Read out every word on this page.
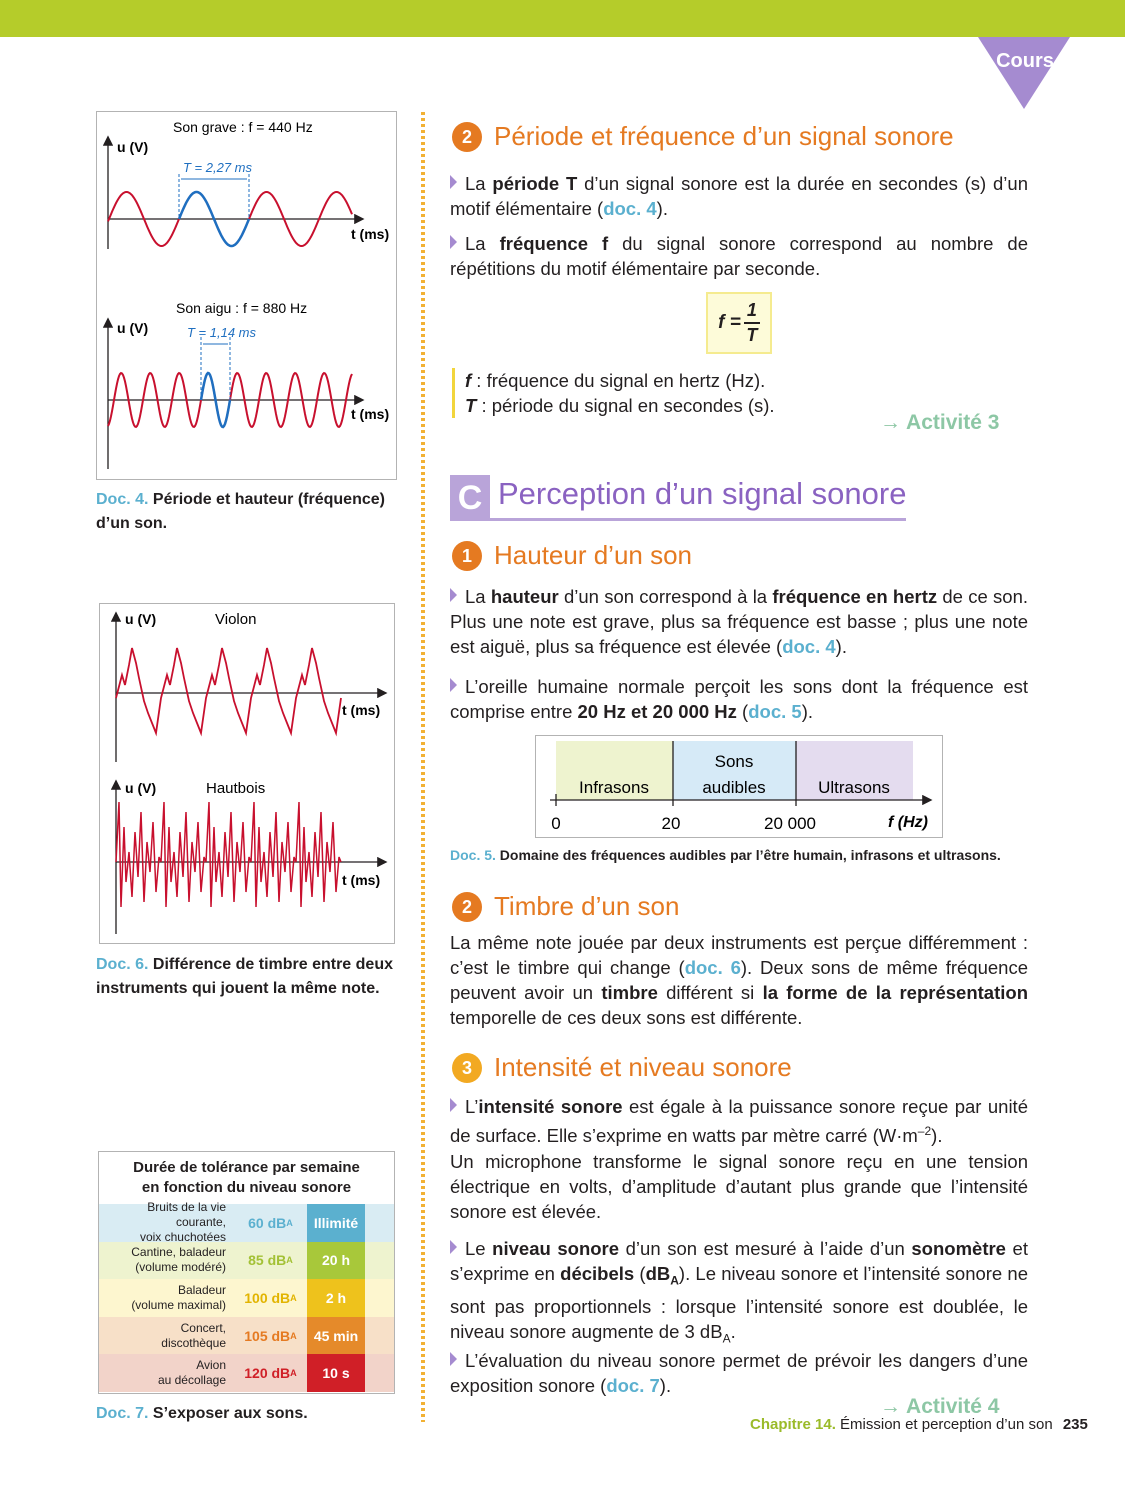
Cours
Son grave : f = 440 Hz
u (V)
t (ms)
T = 2,27 ms
Son aigu : f = 880 Hz
u (V)
t (ms)
T = 1,14 ms
Doc. 4. Période et hauteur (fréquence)
d’un son.
u (V)	Violon
t (ms)
u (V)	Hautbois
t (ms)
Doc. 6. Différence de timbre entre deux
instruments qui jouent la même note.
Durée de tolérance par semaine
en fonction du niveau sonore
Bruits de la vie courante,
voix chuchotées
60 dB A Illimité
Cantine, baladeur
(volume modéré) 85 dB A 20 h
Baladeur
(volume maximal) 100 dB A 2 h
Concert,
discothèque 105 dB A 45 min
Avion
au décollage 120 dB A 10 s
Doc. 7. S’exposer aux sons.
2 Période et fréquence d’un signal sonore
La période T d’un signal sonore est la durée en secondes (s) d’un motif élémentaire (doc. 4).
La fréquence f du signal sonore correspond au nombre de répétitions du motif élémentaire par seconde.
$f = \frac{1}{T}$
f : fréquence du signal en hertz (Hz).
T : période du signal en secondes (s).
→ Activité 3
C Perception d’un signal sonore
1 Hauteur d’un son
La hauteur d’un son correspond à la fréquence en hertz de ce son. Plus une note est grave, plus sa fréquence est basse ; plus une note est aiguë, plus sa fréquence est élevée (doc. 4).
L’oreille humaine normale perçoit les sons dont la fréquence est comprise entre 20 Hz et 20 000 Hz (doc. 5).
Infrasons
Sons
audibles	Ultrasons
0	20	20 000	f (Hz)
Doc. 5. Domaine des fréquences audibles par l’être humain, infrasons et ultrasons.
2 Timbre d’un son
La même note jouée par deux instruments est perçue différemment : c’est le timbre qui change (doc. 6). Deux sons de même fréquence peuvent avoir un timbre différent si la forme de la représentation temporelle de ces deux sons est différente.
3 Intensité et niveau sonore
L’intensité sonore est égale à la puissance sonore reçue par unité de surface. Elle s’exprime en watts par mètre carré $(W\cdot m^{-2})$.
Un microphone transforme le signal sonore reçu en une tension électrique en volts, d’amplitude d’autant plus grande que l’intensité sonore est élevée.
Le niveau sonore d’un son est mesuré à l’aide d’un sonomètre et s’exprime en décibels $(dB_A)$. Le niveau sonore et l’intensité sonore ne sont pas proportionnels : lorsque l’intensité sonore est doublée, le niveau sonore augmente de 3 $dB_A$.
L’évaluation du niveau sonore permet de prévoir les dangers d’une exposition sonore (doc. 7).
→ Activité 4
Chapitre 14. Émission et perception d’un son 235
